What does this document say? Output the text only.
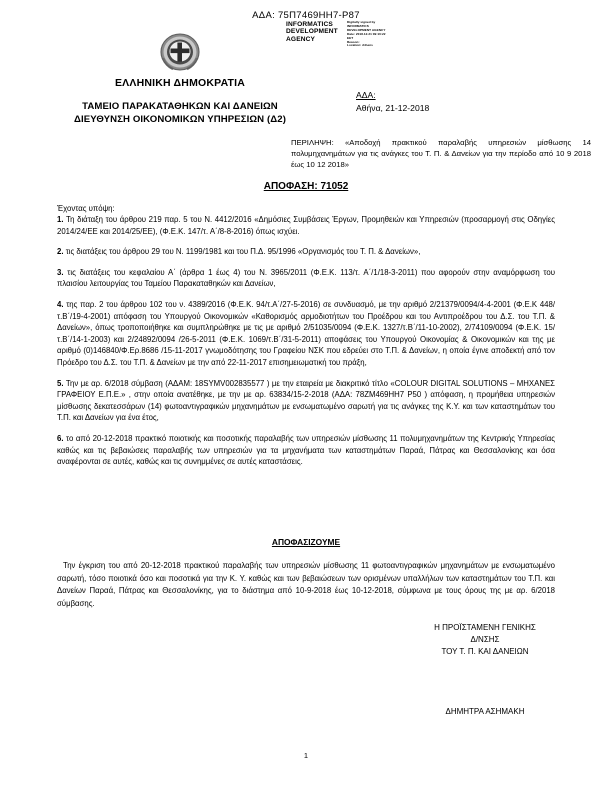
ΑΔΑ: 75Π7469ΗΗ7-Ρ87
INFORMATICS DEVELOPMENT AGENCY
Digitally signed by
INFORMATICS
DEVELOPMENT AGENCY
Date: 2018.12.21 09:10:22
EET
Reason:
Location: Athens
ΕΛΛΗΝΙΚΗ ΔΗΜΟΚΡΑΤΙΑ
ΤΑΜΕΙΟ ΠΑΡΑΚΑΤΑΘΗΚΩΝ ΚΑΙ ΔΑΝΕΙΩΝ
ΔΙΕΥΘΥΝΣΗ ΟΙΚΟΝΟΜΙΚΩΝ ΥΠΗΡΕΣΙΩΝ (Δ2)
ΑΔΑ:
Αθήνα, 21-12-2018
ΠΕΡΙΛΗΨΗ: «Αποδοχή πρακτικού παραλαβής υπηρεσιών μίσθωσης 14 πολυμηχανημάτων για τις ανάγκες του Τ. Π. & Δανείων για την περίοδο από 10 9 2018 έως 10 12 2018»
ΑΠΟΦΑΣΗ: 71052
Έχοντας υπόψη:

1. Τη διάταξη του άρθρου 219 παρ. 5 του Ν. 4412/2016 «Δημόσιες Συμβάσεις Έργων, Προμηθειών και Υπηρεσιών (προσαρμογή στις Οδηγίες 2014/24/ΕΕ και 2014/25/ΕΕ), (Φ.Ε.Κ. 147/τ. Α΄/8-8-2016) όπως ισχύει.

2. τις διατάξεις του άρθρου 29 του Ν. 1199/1981 και του Π.Δ. 95/1996 «Οργανισμός του Τ. Π. & Δανείων»,

3. τις διατάξεις του κεφαλαίου Α΄ (άρθρα 1 έως 4) του Ν. 3965/2011 (Φ.Ε.Κ. 113/τ. Α΄/1/18-3-2011) που αφορούν στην αναμόρφωση του πλαισίου λειτουργίας του Ταμείου Παρακαταθηκών και Δανείων,

4. της παρ. 2 του άρθρου 102 του ν. 4389/2016 (Φ.Ε.Κ. 94/τ.Α΄/27-5-2016) σε συνδυασμό, με την αριθμό 2/21379/0094/4-4-2001 (Φ.Ε.Κ 448/τ.Β΄/19-4-2001) απόφαση του Υπουργού Οικονομικών «Καθορισμός αρμοδιοτήτων του Προέδρου και του Αντιπροέδρου του Δ.Σ. του Τ.Π. & Δανείων», όπως τροποποιήθηκε και συμπληρώθηκε με τις με αριθμό 2/51035/0094 (Φ.Ε.Κ. 1327/τ.Β΄/11-10-2002), 2/74109/0094 (Φ.Ε.Κ. 15/τ.Β΄/14-1-2003) και 2/24892/0094 /26-5-2011 (Φ.Ε.Κ. 1069/τ.Β΄/31-5-2011) αποφάσεις του Υπουργού Οικονομίας & Οικονομικών και της με αριθμό (0)146840/Φ.Ερ.8686 /15-11-2017 γνωμοδότησης του Γραφείου ΝΣΚ που εδρεύει στο Τ.Π. & Δανείων, η οποία έγινε αποδεκτή από τον Πρόεδρο του Δ.Σ. του Τ.Π. & Δανείων με την από 22-11-2017 επισημειωματική του πράξη,

5. Την με αρ. 6/2018 σύμβαση (ΑΔΑΜ: 18SYMV002835577 ) με την εταιρεία με διακριτικό τίτλο «COLOUR DIGITAL SOLUTIONS – ΜΗΧΑΝΕΣ ΓΡΑΦΕΙΟΥ Ε.Π.Ε.» , στην οποία ανατέθηκε, με την με αρ. 63834/15-2-2018 (ΑΔΑ: 78ΖΜ469ΗΗ7 Ρ50 ) απόφαση, η προμήθεια υπηρεσιών μίσθωσης δεκατεσσάρων (14) φωτοαντιγραφικών μηχανημάτων με ενσωματωμένο σαρωτή για τις ανάγκες της Κ.Υ. και των καταστημάτων του Τ.Π. και Δανείων για ένα έτος,

6. το από 20-12-2018 πρακτικό ποιοτικής και ποσοτικής παραλαβής των υπηρεσιών μίσθωσης 11 πολυμηχανημάτων της Κεντρικής Υπηρεσίας καθώς και τις βεβαιώσεις παραλαβής των υπηρεσιών για τα μηχανήματα των καταστημάτων Παραά, Πάτρας και Θεσσαλονίκης και όσα αναφέρονται σε αυτές, καθώς και τις συνημμένες σε αυτές καταστάσεις.

ΑΠΟΦΑΣΙΖΟΥΜΕ
Την έγκριση του από 20-12-2018 πρακτικού παραλαβής των υπηρεσιών μίσθωσης 11 φωτοαντιγραφικών μηχανημάτων με ενσωματωμένο σαρωτή, τόσο ποιοτικά όσο και ποσοτικά για την Κ. Υ. καθώς και των βεβαιώσεων των ορισμένων υπαλλήλων των καταστημάτων του Τ.Π. και Δανείων Παραά, Πάτρας και Θεσσαλονίκης, για το διάστημα από 10-9-2018 έως 10-12-2018, σύμφωνα με τους όρους της με αρ. 6/2018 σύμβασης.
Η ΠΡΟΪΣΤΑΜΕΝΗ ΓΕΝΙΚΗΣ
Δ/ΝΣΗΣ
ΤΟΥ Τ. Π. ΚΑΙ ΔΑΝΕΙΩΝ
ΔΗΜΗΤΡΑ ΑΣΗΜΑΚΗ
1
